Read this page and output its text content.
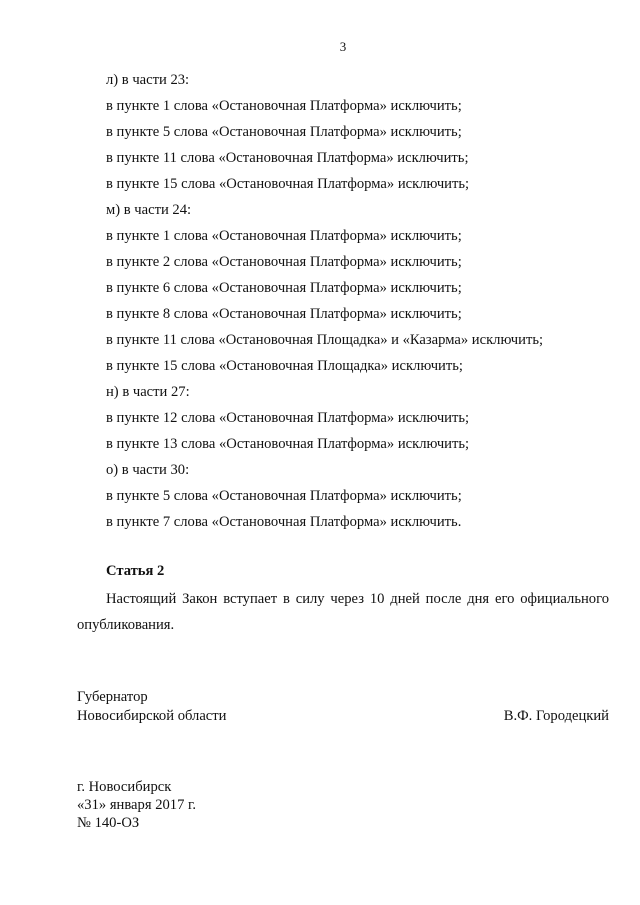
3
л) в части 23:
в пункте 1 слова «Остановочная Платформа» исключить;
в пункте 5 слова «Остановочная Платформа» исключить;
в пункте 11 слова «Остановочная Платформа» исключить;
в пункте 15 слова «Остановочная Платформа» исключить;
м) в части 24:
в пункте 1 слова «Остановочная Платформа» исключить;
в пункте 2 слова «Остановочная Платформа» исключить;
в пункте 6 слова «Остановочная Платформа» исключить;
в пункте 8 слова «Остановочная Платформа» исключить;
в пункте 11 слова «Остановочная Площадка» и «Казарма» исключить;
в пункте 15 слова «Остановочная Площадка» исключить;
н) в части 27:
в пункте 12 слова «Остановочная Платформа» исключить;
в пункте 13 слова «Остановочная Платформа» исключить;
о) в части 30:
в пункте 5 слова «Остановочная Платформа» исключить;
в пункте 7 слова «Остановочная Платформа» исключить.
Статья 2
Настоящий Закон вступает в силу через 10 дней после дня его официального
опубликования.
Губернатор
Новосибирской области	В.Ф. Городецкий
г. Новосибирск
«31» января 2017 г.
№ 140-ОЗ
